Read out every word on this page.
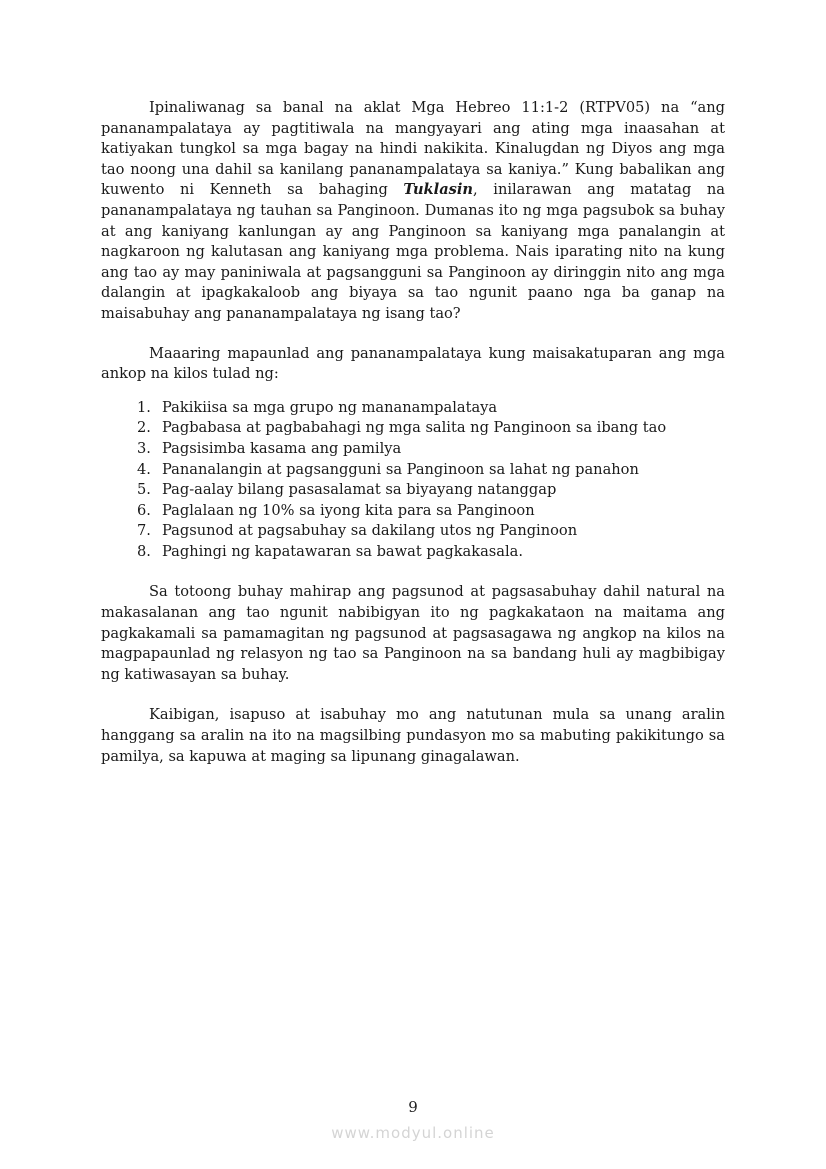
Ipinaliwanag sa banal na aklat Mga Hebreo 11:1-2 (RTPV05) na “ang pananampalataya ay pagtitiwala na mangyayari ang ating mga inaasahan at katiyakan tungkol sa mga bagay na hindi nakikita. Kinalugdan ng Diyos ang mga tao noong una dahil sa kanilang pananampalataya sa kaniya.” Kung babalikan ang kuwento ni Kenneth sa bahaging Tuklasin, inilarawan ang matatag na pananampalataya ng tauhan sa Panginoon. Dumanas ito ng mga pagsubok sa buhay at ang kaniyang kanlungan ay ang Panginoon sa kaniyang mga panalangin at nagkaroon ng kalutasan ang kaniyang mga problema. Nais iparating nito na kung ang tao ay may paniniwala at pagsangguni sa Panginoon ay diringgin nito ang mga dalangin at ipagkakaloob ang biyaya sa tao ngunit paano nga ba ganap na maisabuhay ang pananampalataya ng isang tao?

Maaaring mapaunlad ang pananampalataya kung maisakatuparan ang mga ankop na kilos tulad ng:

1. Pakikiisa sa mga grupo ng mananampalataya
2. Pagbabasa at pagbabahagi ng mga salita ng Panginoon sa ibang tao
3. Pagsisimba kasama ang pamilya
4. Pananalangin at pagsangguni sa Panginoon sa lahat ng panahon
5. Pag-aalay bilang pasasalamat sa biyayang natanggap
6. Paglalaan ng 10% sa iyong kita para sa Panginoon
7. Pagsunod at pagsabuhay sa dakilang utos ng Panginoon
8. Paghingi ng kapatawaran sa bawat pagkakasala.

Sa totoong buhay mahirap ang pagsunod at pagsasabuhay dahil natural na makasalanan ang tao ngunit nabibigyan ito ng pagkakataon na maitama ang pagkakamali sa pamamagitan ng pagsunod at pagsasagawa ng angkop na kilos na magpapaunlad ng relasyon ng tao sa Panginoon na sa bandang huli ay magbibigay ng katiwasayan sa buhay.

Kaibigan, isapuso at isabuhay mo ang natutunan mula sa unang aralin hanggang sa aralin na ito na magsilbing pundasyon mo sa mabuting pakikitungo sa pamilya, sa kapuwa at maging sa lipunang ginagalawan.

9
www.modyul.online
